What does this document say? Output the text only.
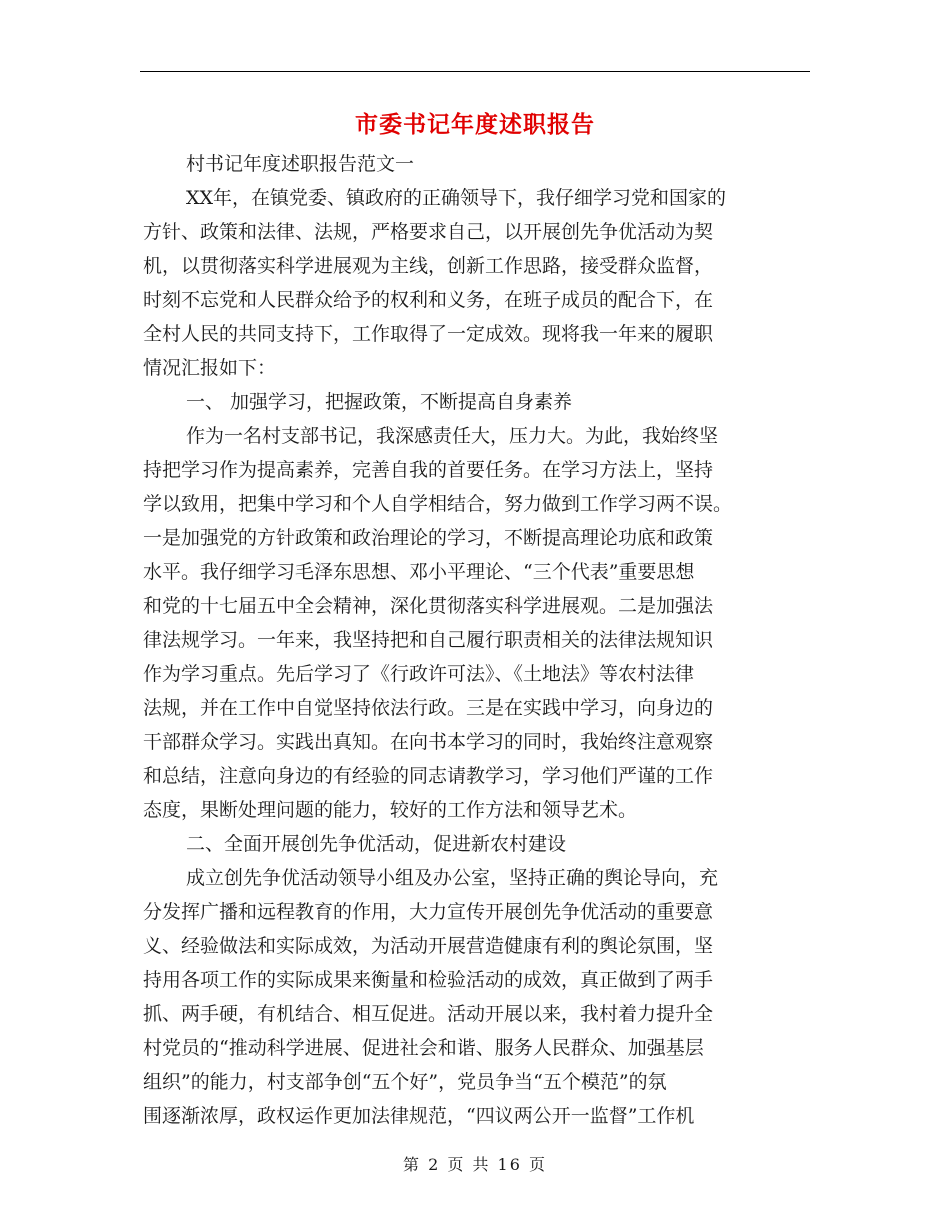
市委书记年度述职报告
村书记年度述职报告范文一
XX年，在镇党委、镇政府的正确领导下，我仔细学习党和国家的
方针、政策和法律、法规，严格要求自己，以开展创先争优活动为契
机，以贯彻落实科学进展观为主线，创新工作思路，接受群众监督，
时刻不忘党和人民群众给予的权利和义务，在班子成员的配合下，在
全村人民的共同支持下，工作取得了一定成效。现将我一年来的履职
情况汇报如下：
一、 加强学习，把握政策，不断提高自身素养
作为一名村支部书记，我深感责任大，压力大。为此，我始终坚
持把学习作为提高素养，完善自我的首要任务。在学习方法上，坚持
学以致用，把集中学习和个人自学相结合，努力做到工作学习两不误。
一是加强党的方针政策和政治理论的学习，不断提高理论功底和政策
水平。我仔细学习毛泽东思想、邓小平理论、“三个代表”重要思想
和党的十七届五中全会精神，深化贯彻落实科学进展观。二是加强法
律法规学习。一年来，我坚持把和自己履行职责相关的法律法规知识
作为学习重点。先后学习了《行政许可法》、《土地法》等农村法律
法规，并在工作中自觉坚持依法行政。三是在实践中学习，向身边的
干部群众学习。实践出真知。在向书本学习的同时，我始终注意观察
和总结，注意向身边的有经验的同志请教学习，学习他们严谨的工作
态度，果断处理问题的能力，较好的工作方法和领导艺术。
二、全面开展创先争优活动，促进新农村建设
成立创先争优活动领导小组及办公室，坚持正确的舆论导向，充
分发挥广播和远程教育的作用，大力宣传开展创先争优活动的重要意
义、经验做法和实际成效，为活动开展营造健康有利的舆论氛围，坚
持用各项工作的实际成果来衡量和检验活动的成效，真正做到了两手
抓、两手硬，有机结合、相互促进。活动开展以来，我村着力提升全
村党员的“推动科学进展、促进社会和谐、服务人民群众、加强基层
组织”的能力，村支部争创“五个好”，党员争当“五个模范”的氛
围逐渐浓厚，政权运作更加法律规范，“四议两公开一监督”工作机
第 2 页 共 16 页
